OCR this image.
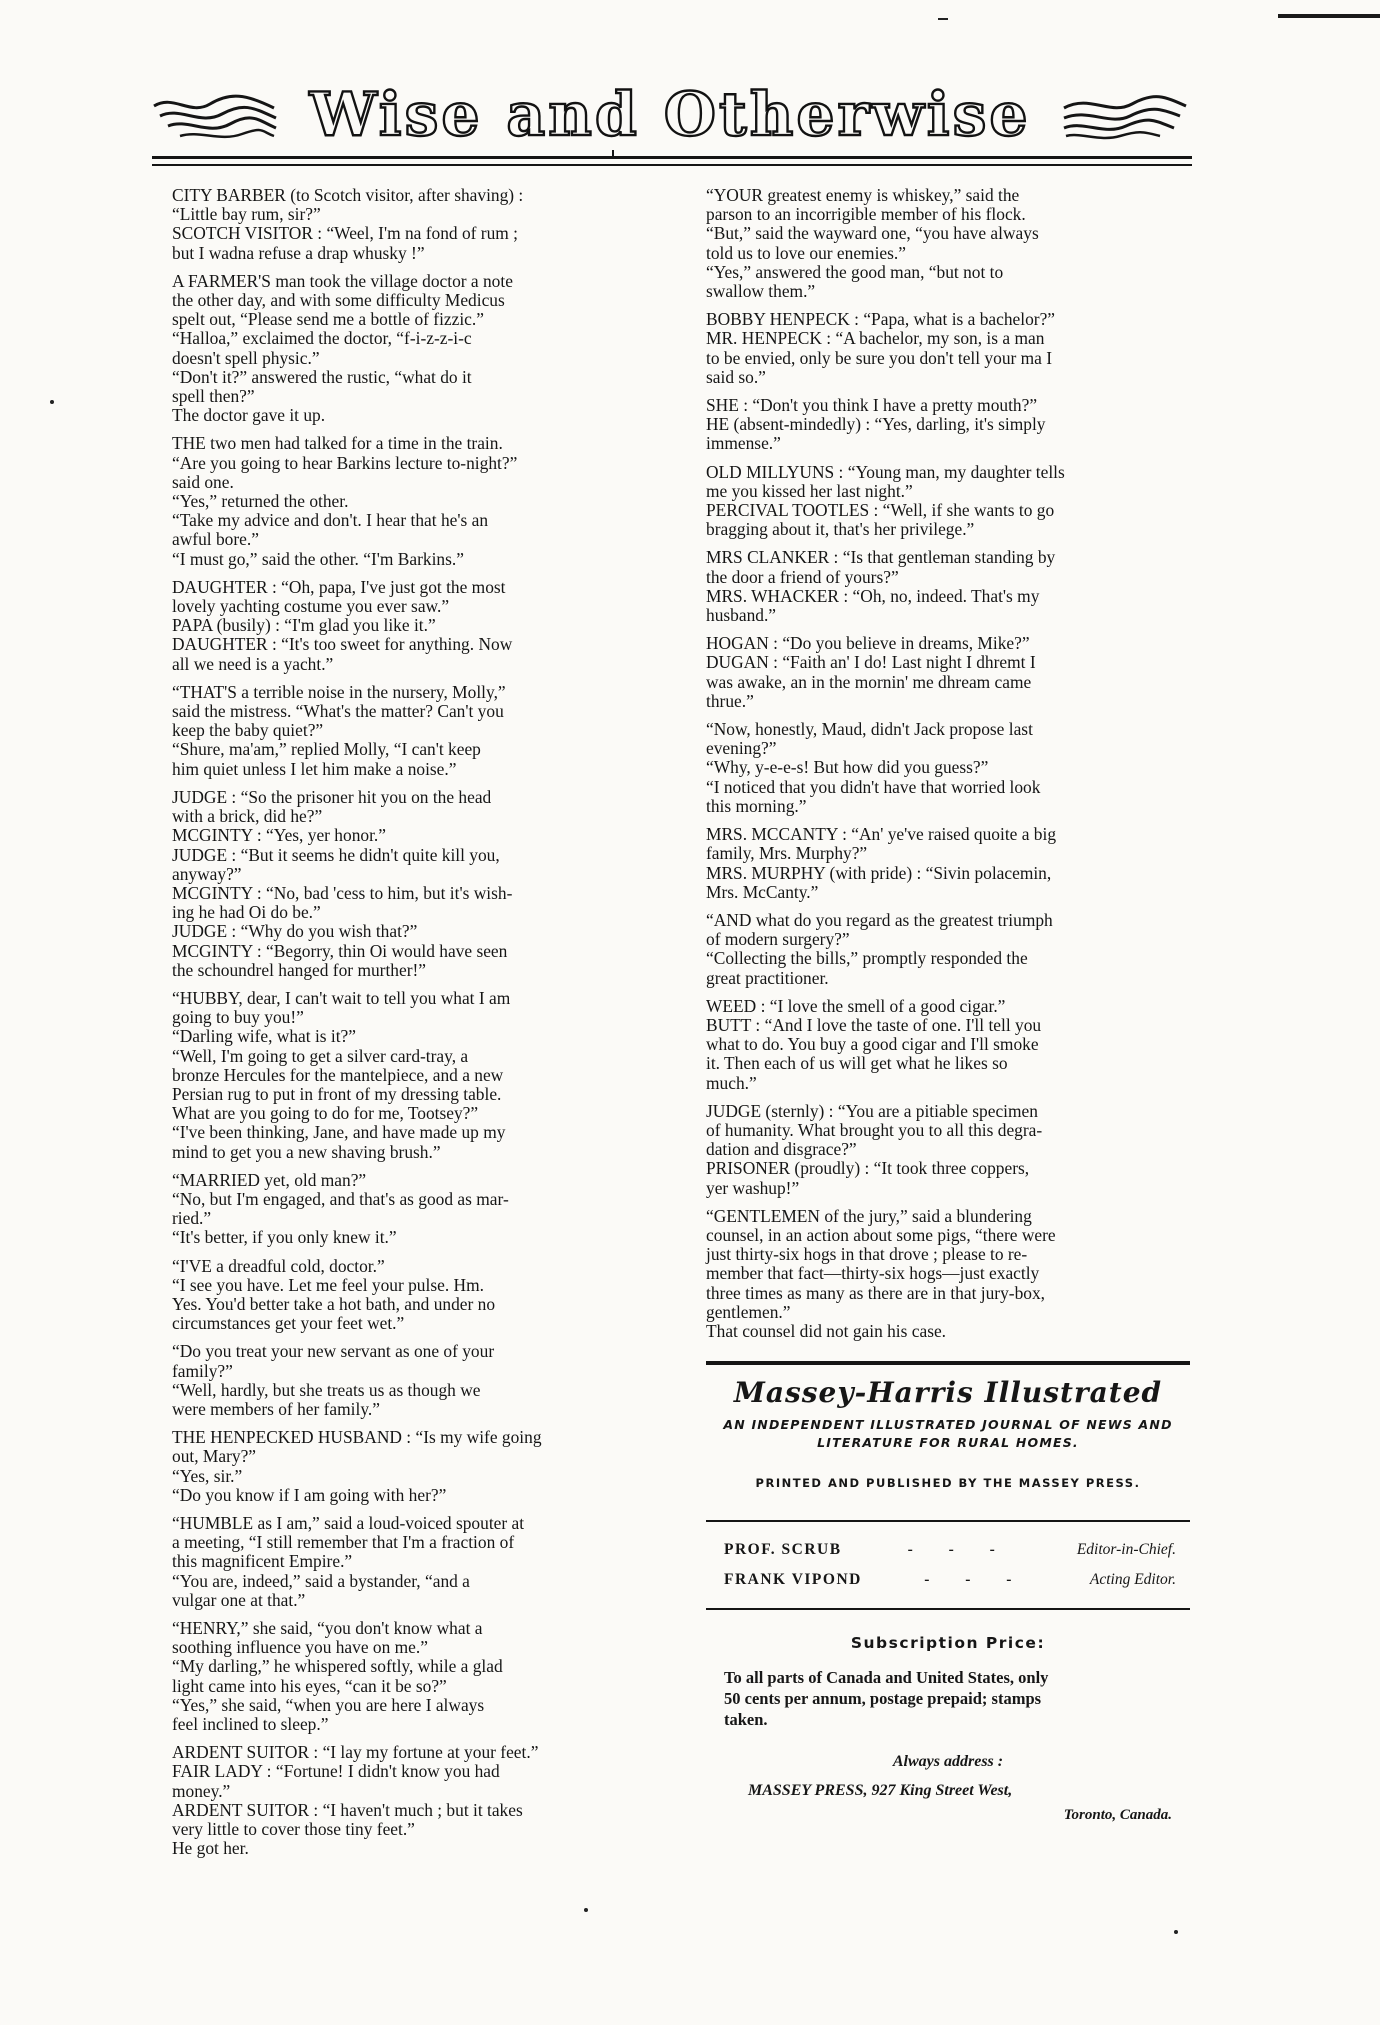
Wise and Otherwise

CITY BARBER (to Scotch visitor, after shaving) :
“Little bay rum, sir?”
SCOTCH VISITOR : “Weel, I'm na fond of rum ;
but I wadna refuse a drap whusky !”

A FARMER'S man took the village doctor a note
the other day, and with some difficulty Medicus
spelt out, “Please send me a bottle of fizzic.”
“Halloa,” exclaimed the doctor, “f-i-z-z-i-c
doesn't spell physic.”
“Don't it?” answered the rustic, “what do it
spell then?”
The doctor gave it up.

THE two men had talked for a time in the train.
“Are you going to hear Barkins lecture to-night?”
said one.
“Yes,” returned the other.
“Take my advice and don't. I hear that he's an
awful bore.”
“I must go,” said the other. “I'm Barkins.”

DAUGHTER : “Oh, papa, I've just got the most
lovely yachting costume you ever saw.”
PAPA (busily) : “I'm glad you like it.”
DAUGHTER : “It's too sweet for anything. Now
all we need is a yacht.”

“THAT'S a terrible noise in the nursery, Molly,”
said the mistress. “What's the matter? Can't you
keep the baby quiet?”
“Shure, ma'am,” replied Molly, “I can't keep
him quiet unless I let him make a noise.”

JUDGE : “So the prisoner hit you on the head
with a brick, did he?”
MCGINTY : “Yes, yer honor.”
JUDGE : “But it seems he didn't quite kill you,
anyway?”
MCGINTY : “No, bad 'cess to him, but it's wish-
ing he had Oi do be.”
JUDGE : “Why do you wish that?”
MCGINTY : “Begorry, thin Oi would have seen
the schoundrel hanged for murther!”

“HUBBY, dear, I can't wait to tell you what I am
going to buy you!”
“Darling wife, what is it?”
“Well, I'm going to get a silver card-tray, a
bronze Hercules for the mantelpiece, and a new
Persian rug to put in front of my dressing table.
What are you going to do for me, Tootsey?”
“I've been thinking, Jane, and have made up my
mind to get you a new shaving brush.”

“MARRIED yet, old man?”
“No, but I'm engaged, and that's as good as mar-
ried.”
“It's better, if you only knew it.”

“I'VE a dreadful cold, doctor.”
“I see you have. Let me feel your pulse. Hm.
Yes. You'd better take a hot bath, and under no
circumstances get your feet wet.”

“Do you treat your new servant as one of your
family?”
“Well, hardly, but she treats us as though we
were members of her family.”

THE HENPECKED HUSBAND : “Is my wife going
out, Mary?”
“Yes, sir.”
“Do you know if I am going with her?”

“HUMBLE as I am,” said a loud-voiced spouter at
a meeting, “I still remember that I'm a fraction of
this magnificent Empire.”
“You are, indeed,” said a bystander, “and a
vulgar one at that.”

“HENRY,” she said, “you don't know what a
soothing influence you have on me.”
“My darling,” he whispered softly, while a glad
light came into his eyes, “can it be so?”
“Yes,” she said, “when you are here I always
feel inclined to sleep.”

ARDENT SUITOR : “I lay my fortune at your feet.”
FAIR LADY : “Fortune! I didn't know you had
money.”
ARDENT SUITOR : “I haven't much ; but it takes
very little to cover those tiny feet.”
He got her.

“YOUR greatest enemy is whiskey,” said the
parson to an incorrigible member of his flock.
“But,” said the wayward one, “you have always
told us to love our enemies.”
“Yes,” answered the good man, “but not to
swallow them.”

BOBBY HENPECK : “Papa, what is a bachelor?”
MR. HENPECK : “A bachelor, my son, is a man
to be envied, only be sure you don't tell your ma I
said so.”

SHE : “Don't you think I have a pretty mouth?”
HE (absent-mindedly) : “Yes, darling, it's simply
immense.”

OLD MILLYUNS : “Young man, my daughter tells
me you kissed her last night.”
PERCIVAL TOOTLES : “Well, if she wants to go
bragging about it, that's her privilege.”

MRS CLANKER : “Is that gentleman standing by
the door a friend of yours?”
MRS. WHACKER : “Oh, no, indeed. That's my
husband.”

HOGAN : “Do you believe in dreams, Mike?”
DUGAN : “Faith an' I do! Last night I dhremt I
was awake, an in the mornin' me dhream came
thrue.”

“Now, honestly, Maud, didn't Jack propose last
evening?”
“Why, y-e-e-s! But how did you guess?”
“I noticed that you didn't have that worried look
this morning.”

MRS. MCCANTY : “An' ye've raised quoite a big
family, Mrs. Murphy?”
MRS. MURPHY (with pride) : “Sivin polacemin,
Mrs. McCanty.”

“AND what do you regard as the greatest triumph
of modern surgery?”
“Collecting the bills,” promptly responded the
great practitioner.

WEED : “I love the smell of a good cigar.”
BUTT : “And I love the taste of one. I'll tell you
what to do. You buy a good cigar and I'll smoke
it. Then each of us will get what he likes so
much.”

JUDGE (sternly) : “You are a pitiable specimen
of humanity. What brought you to all this degra-
dation and disgrace?”
PRISONER (proudly) : “It took three coppers,
yer washup!”

“GENTLEMEN of the jury,” said a blundering
counsel, in an action about some pigs, “there were
just thirty-six hogs in that drove ; please to re-
member that fact—thirty-six hogs—just exactly
three times as many as there are in that jury-box,
gentlemen.”
That counsel did not gain his case.

Massey-Harris Illustrated
AN INDEPENDENT ILLUSTRATED JOURNAL OF NEWS AND
LITERATURE FOR RURAL HOMES.
PRINTED AND PUBLISHED BY THE MASSEY PRESS.
PROF. SCRUB	- - -	Editor-in-Chief.
FRANK VIPOND	- - -	Acting Editor.
Subscription Price:
To all parts of Canada and United States, only
50 cents per annum, postage prepaid; stamps
taken.
Always address :
MASSEY PRESS, 927 King Street West,
Toronto, Canada.
